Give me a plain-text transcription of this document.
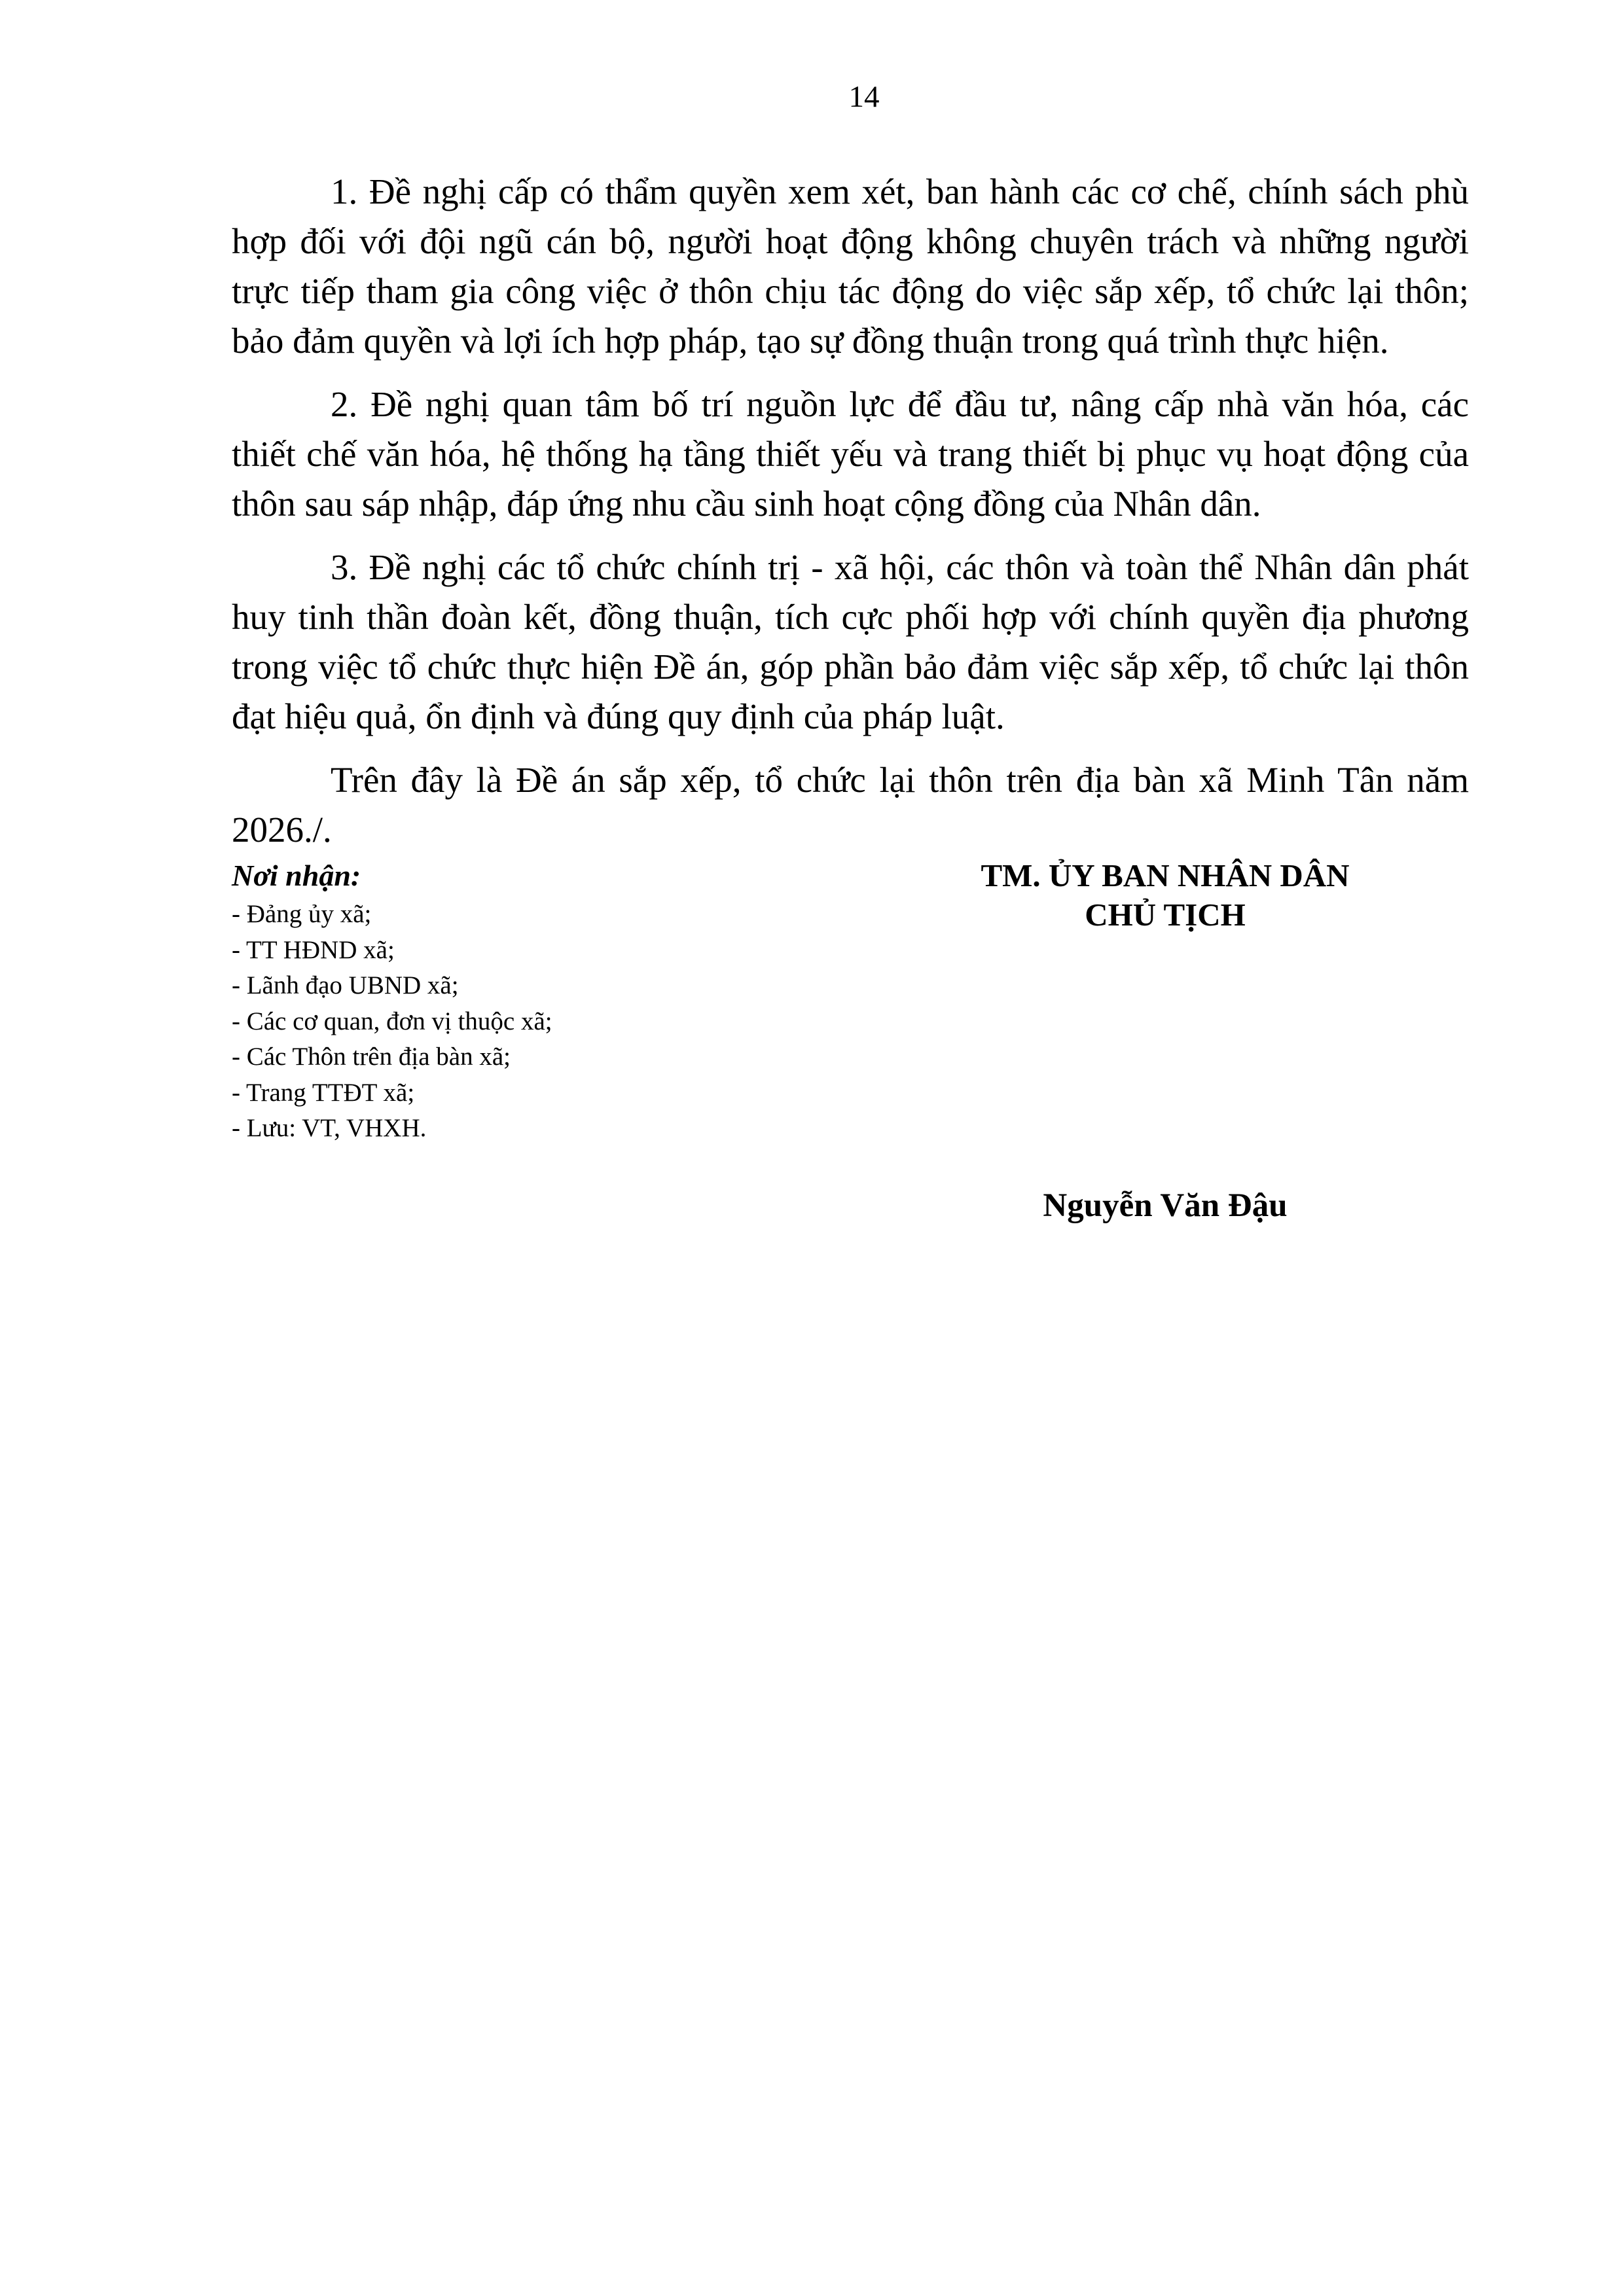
14

1. Đề nghị cấp có thẩm quyền xem xét, ban hành các cơ chế, chính sách phù hợp đối với đội ngũ cán bộ, người hoạt động không chuyên trách và những người trực tiếp tham gia công việc ở thôn chịu tác động do việc sắp xếp, tổ chức lại thôn; bảo đảm quyền và lợi ích hợp pháp, tạo sự đồng thuận trong quá trình thực hiện.

2. Đề nghị quan tâm bố trí nguồn lực để đầu tư, nâng cấp nhà văn hóa, các thiết chế văn hóa, hệ thống hạ tầng thiết yếu và trang thiết bị phục vụ hoạt động của thôn sau sáp nhập, đáp ứng nhu cầu sinh hoạt cộng đồng của Nhân dân.

3. Đề nghị các tổ chức chính trị - xã hội, các thôn và toàn thể Nhân dân phát huy tinh thần đoàn kết, đồng thuận, tích cực phối hợp với chính quyền địa phương trong việc tổ chức thực hiện Đề án, góp phần bảo đảm việc sắp xếp, tổ chức lại thôn đạt hiệu quả, ổn định và đúng quy định của pháp luật.

Trên đây là Đề án sắp xếp, tổ chức lại thôn trên địa bàn xã Minh Tân năm 2026./.

Nơi nhận:
- Đảng ủy xã;
- TT HĐND xã;
- Lãnh đạo UBND xã;
- Các cơ quan, đơn vị thuộc xã;
- Các Thôn trên địa bàn xã;
- Trang TTĐT xã;
- Lưu: VT, VHXH.
TM. ỦY BAN NHÂN DÂN
CHỦ TỊCH
Nguyễn Văn Đậu
